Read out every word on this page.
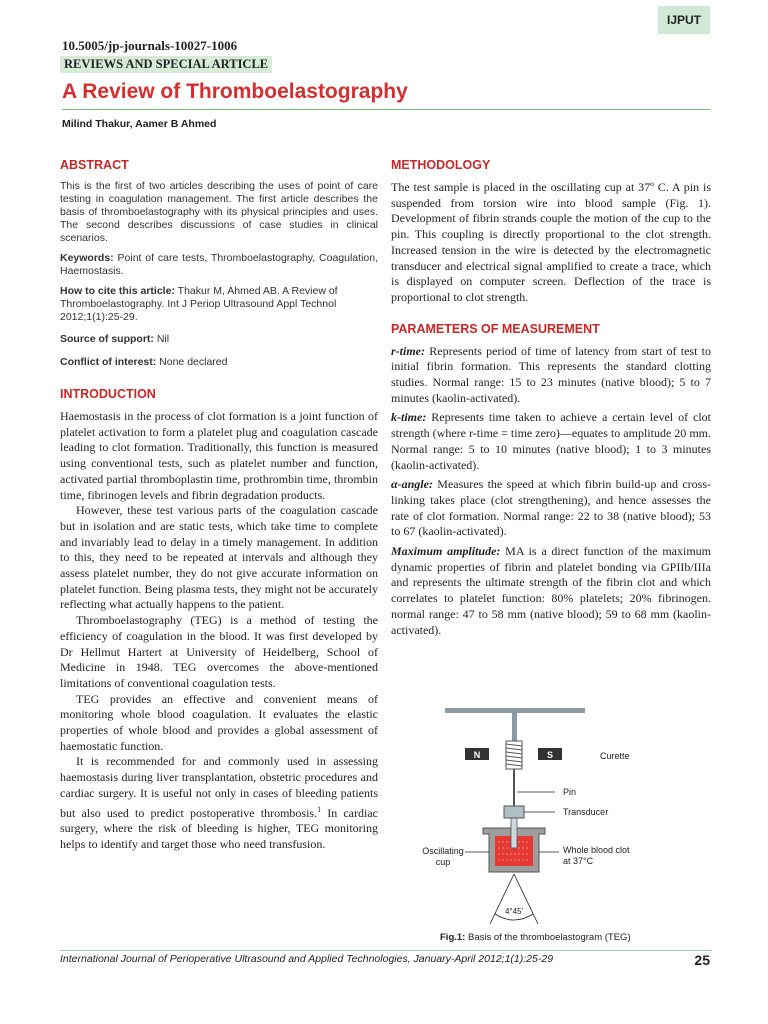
IJPUT
10.5005/jp-journals-10027-1006
REVIEWS AND SPECIAL ARTICLE
A Review of Thromboelastography
Milind Thakur, Aamer B Ahmed
ABSTRACT

This is the first of two articles describing the uses of point of care testing in coagulation management. The first article describes the basis of thromboelastography with its physical principles and uses. The second describes discussions of case studies in clinical scenarios.

Keywords: Point of care tests, Thromboelastography, Coagulation, Haemostasis.

How to cite this article: Thakur M, Ahmed AB. A Review of Thromboelastography. Int J Periop Ultrasound Appl Technol 2012;1(1):25-29.

Source of support: Nil

Conflict of interest: None declared

INTRODUCTION

Haemostasis in the process of clot formation is a joint function of platelet activation to form a platelet plug and coagulation cascade leading to clot formation. Traditionally, this function is measured using conventional tests, such as platelet number and function, activated partial thromboplastin time, prothrombin time, thrombin time, fibrinogen levels and fibrin degradation products.

However, these test various parts of the coagulation cascade but in isolation and are static tests, which take time to complete and invariably lead to delay in a timely management. In addition to this, they need to be repeated at intervals and although they assess platelet number, they do not give accurate information on platelet function. Being plasma tests, they might not be accurately reflecting what actually happens to the patient.

Thromboelastography (TEG) is a method of testing the efficiency of coagulation in the blood. It was first developed by Dr Hellmut Hartert at University of Heidelberg, School of Medicine in 1948. TEG overcomes the above-mentioned limitations of conventional coagulation tests.

TEG provides an effective and convenient means of monitoring whole blood coagulation. It evaluates the elastic properties of whole blood and provides a global assessment of haemostatic function.

It is recommended for and commonly used in assessing haemostasis during liver transplantation, obstetric procedures and cardiac surgery. It is useful not only in cases of bleeding patients but also used to predict postoperative thrombosis.$^1$ In cardiac surgery, where the risk of bleeding is higher, TEG monitoring helps to identify and target those who need transfusion.

METHODOLOGY

The test sample is placed in the oscillating cup at 37º C. A pin is suspended from torsion wire into blood sample (Fig. 1). Development of fibrin strands couple the motion of the cup to the pin. This coupling is directly proportional to the clot strength. Increased tension in the wire is detected by the electromagnetic transducer and electrical signal amplified to create a trace, which is displayed on computer screen. Deflection of the trace is proportional to clot strength.

PARAMETERS OF MEASUREMENT

r-time: Represents period of time of latency from start of test to initial fibrin formation. This represents the standard clotting studies. Normal range: 15 to 23 minutes (native blood); 5 to 7 minutes (kaolin-activated).

k-time: Represents time taken to achieve a certain level of clot strength (where r-time = time zero)—equates to amplitude 20 mm. Normal range: 5 to 10 minutes (native blood); 1 to 3 minutes (kaolin-activated).

α-angle: Measures the speed at which fibrin build-up and cross-linking takes place (clot strengthening), and hence assesses the rate of clot formation. Normal range: 22 to 38 (native blood); 53 to 67 (kaolin-activated).

Maximum amplitude: MA is a direct function of the maximum dynamic properties of fibrin and platelet bonding via GPIIb/IIIa and represents the ultimate strength of the fibrin clot and which correlates to platelet function: 80% platelets; 20% fibrinogen. normal range: 47 to 58 mm (native blood); 59 to 68 mm (kaolin-activated).

N	S	Curette
Pin
Transducer
Oscillating
cup
Whole blood clot
at 37°C
4°45'
Fig.1: Basis of the thromboelastogram (TEG)
International Journal of Perioperative Ultrasound and Applied Technologies, January-April 2012;1(1):25-29	25
